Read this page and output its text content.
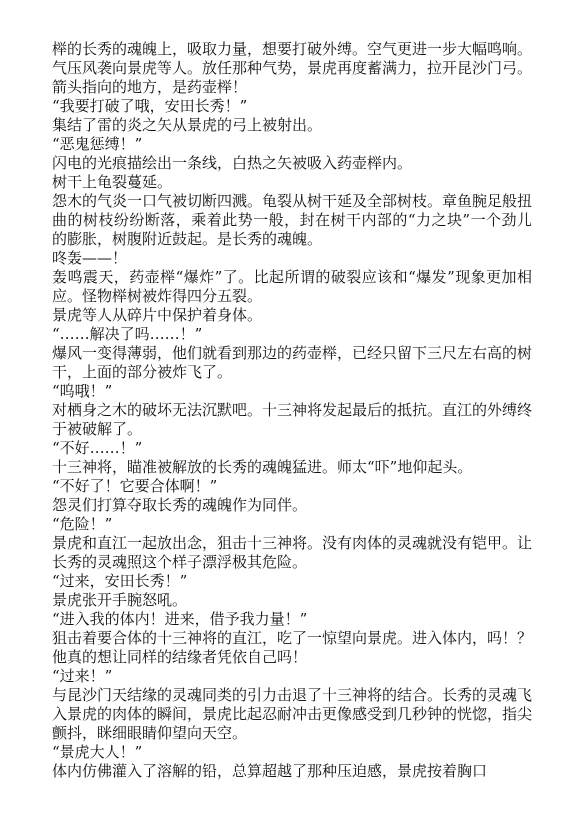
榉的长秀的魂魄上，吸取力量，想要打破外缚。空气更进一步大幅鸣响。气压风袭向景虎等人。放任那种气势，景虎再度蓄满力，拉开昆沙门弓。箭头指向的地方，是药壶榉！

“我要打破了哦，安田长秀！”

集结了雷的炎之矢从景虎的弓上被射出。

“恶鬼惩缚！”

闪电的光痕描绘出一条线，白热之矢被吸入药壶榉内。

树干上龟裂蔓延。

怨木的气炎一口气被切断四溅。龟裂从树干延及全部树枝。章鱼腕足般扭曲的树枝纷纷断落，乘着此势一般，封在树干内部的“力之块”一个劲儿的膨胀，树腹附近鼓起。是长秀的魂魄。

咚轰——！

轰鸣震天，药壶榉“爆炸”了。比起所谓的破裂应该和“爆发”现象更加相应。怪物榉树被炸得四分五裂。

景虎等人从碎片中保护着身体。

“……解决了吗……！”

爆风一变得薄弱，他们就看到那边的药壶榉，已经只留下三尺左右高的树干，上面的部分被炸飞了。

“呜哦！”

对栖身之木的破坏无法沉默吧。十三神将发起最后的抵抗。直江的外缚终于被破解了。

“不好……！”

十三神将，瞄准被解放的长秀的魂魄猛进。师太“吓”地仰起头。

“不好了！它要合体啊！”

怨灵们打算夺取长秀的魂魄作为同伴。

“危险！”

景虎和直江一起放出念，狙击十三神将。没有肉体的灵魂就没有铠甲。让长秀的灵魂照这个样子漂浮极其危险。

“过来，安田长秀！”

景虎张开手腕怒吼。

“进入我的体内！进来，借予我力量！”

狙击着要合体的十三神将的直江，吃了一惊望向景虎。进入体内，吗！？他真的想让同样的结缘者凭依自己吗！

“过来！”

与昆沙门天结缘的灵魂同类的引力击退了十三神将的结合。长秀的灵魂飞入景虎的肉体的瞬间，景虎比起忍耐冲击更像感受到几秒钟的恍惚，指尖颤抖，眯细眼睛仰望向天空。

“景虎大人！”

体内仿佛灌入了溶解的铅，总算超越了那种压迫感，景虎按着胸口
